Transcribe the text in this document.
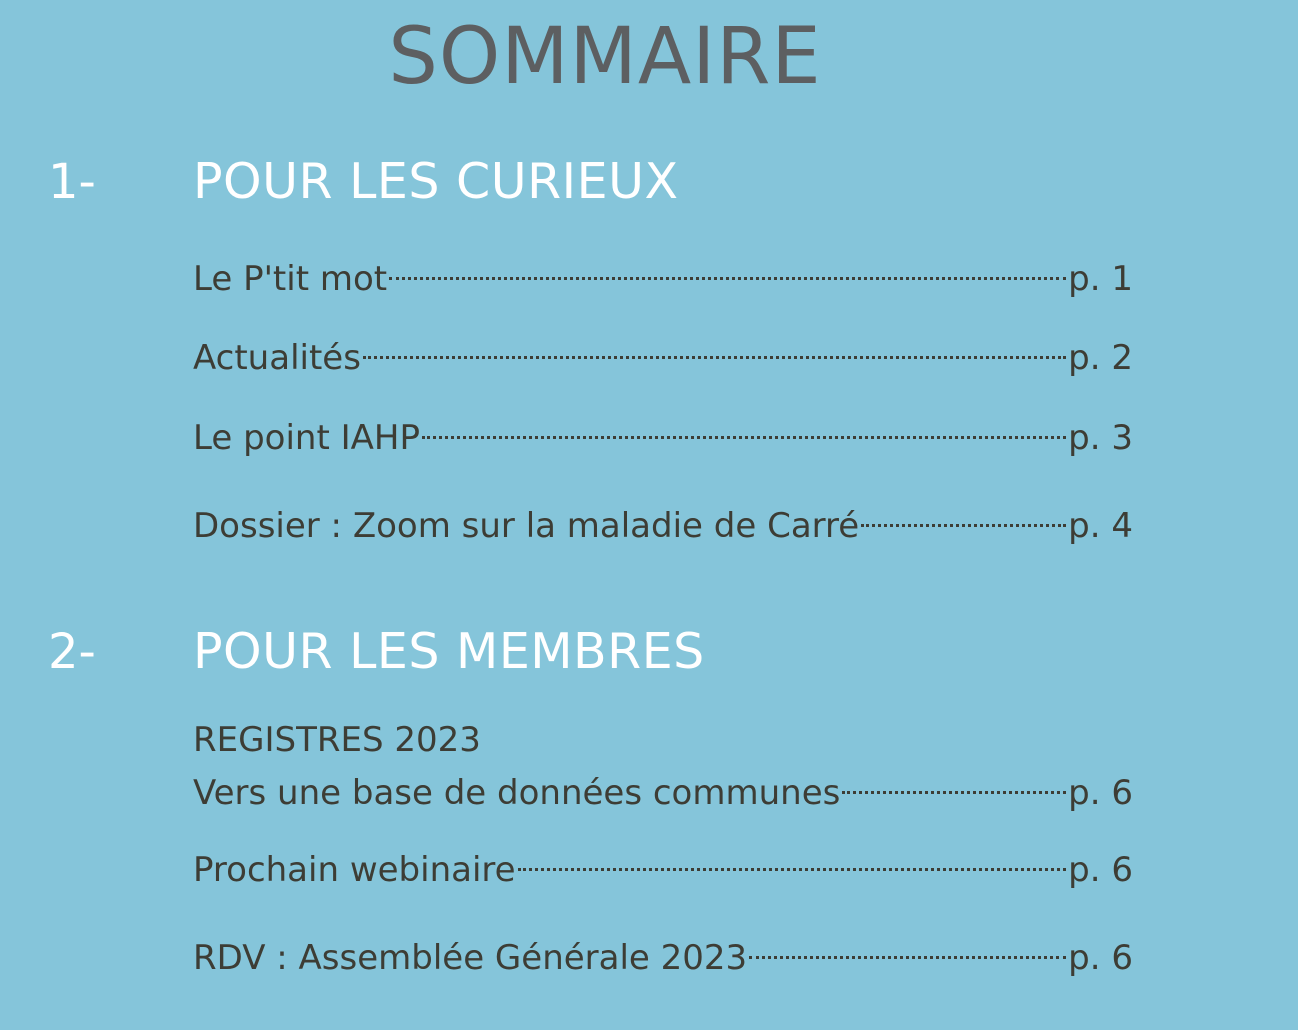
SOMMAIRE
1- POUR LES CURIEUX
Le P'tit mot	p. 1
Actualités	p. 2
Le point IAHP	p. 3
Dossier : Zoom sur la maladie de Carré	p. 4
2- POUR LES MEMBRES
REGISTRES 2023
Vers une base de données communes	p. 6
Prochain webinaire	p. 6
RDV : Assemblée Générale 2023	p. 6
